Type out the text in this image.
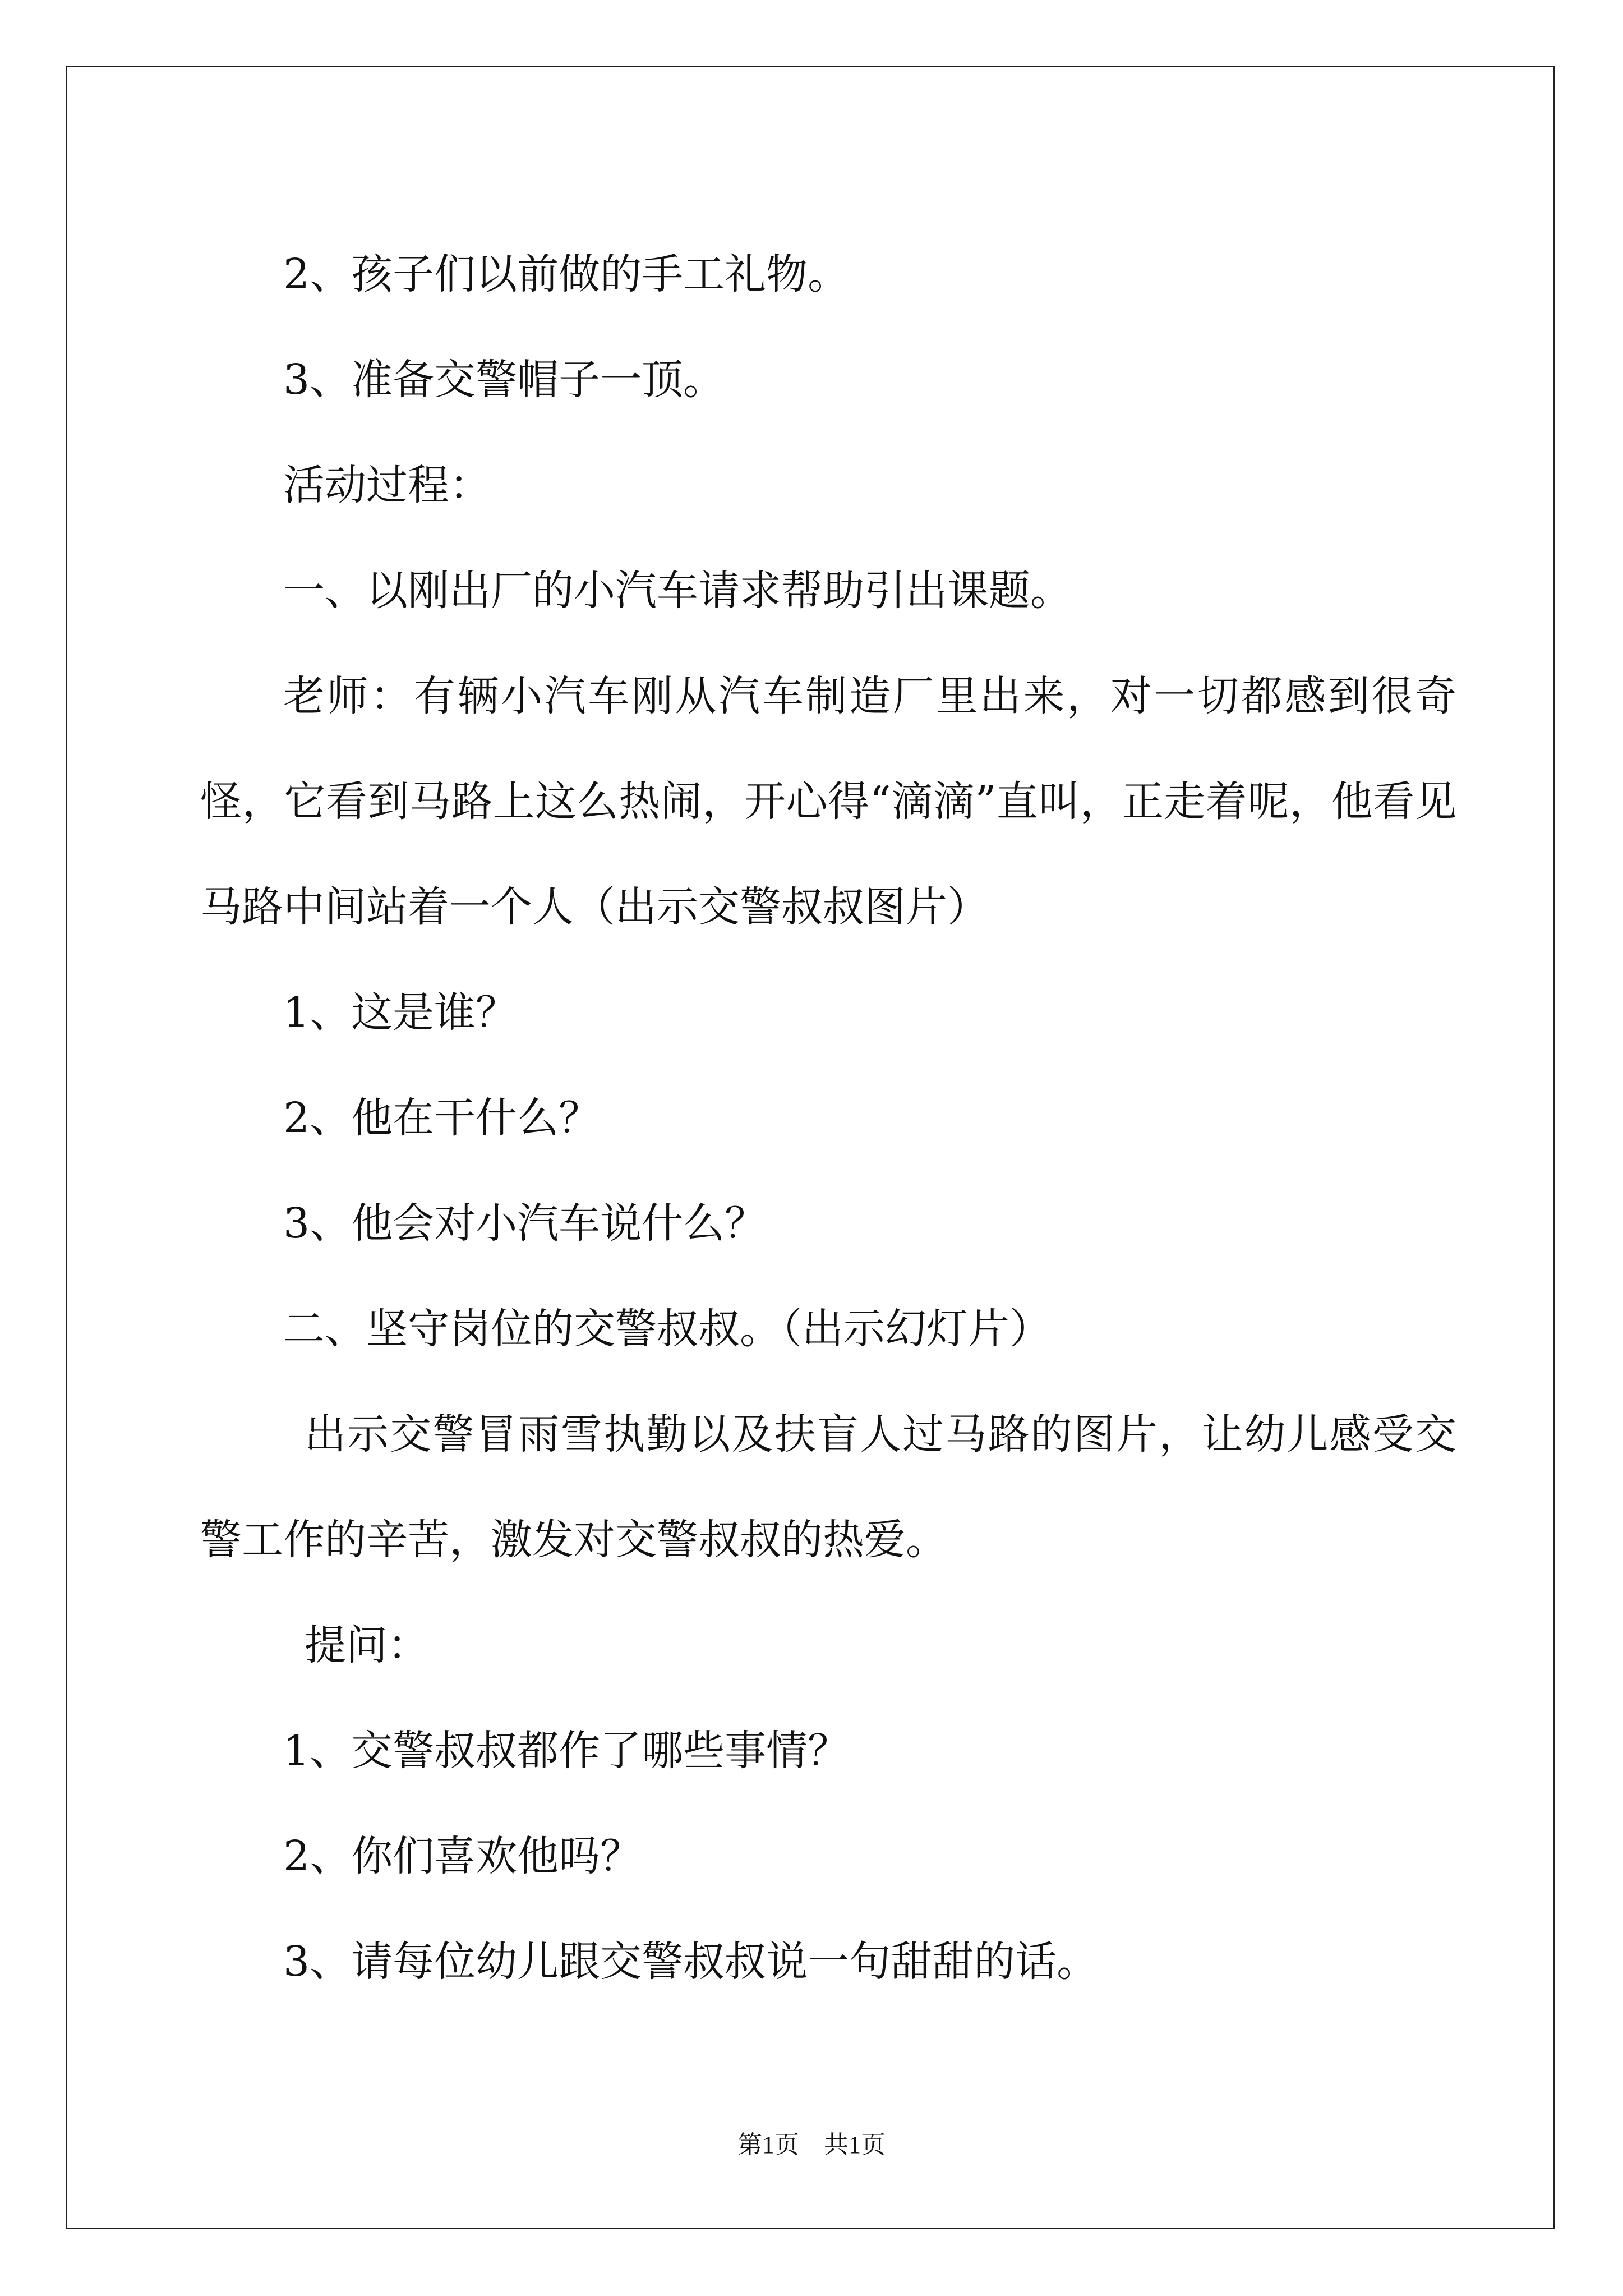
2、孩子们以前做的手工礼物。

3、准备交警帽子一顶。

活动过程：

一、以刚出厂的小汽车请求帮助引出课题。

老师：有辆小汽车刚从汽车制造厂里出来，对一切都感到很奇怪，它看到马路上这么热闹，开心得“滴滴”直叫，正走着呢，他看见马路中间站着一个人（出示交警叔叔图片）

1、这是谁？

2、他在干什么？

3、他会对小汽车说什么？

二、坚守岗位的交警叔叔。（出示幻灯片）

出示交警冒雨雪执勤以及扶盲人过马路的图片，让幼儿感受交警工作的辛苦，激发对交警叔叔的热爱。

提问：

1、交警叔叔都作了哪些事情？

2、你们喜欢他吗？

3、请每位幼儿跟交警叔叔说一句甜甜的话。

第1页 共1页
